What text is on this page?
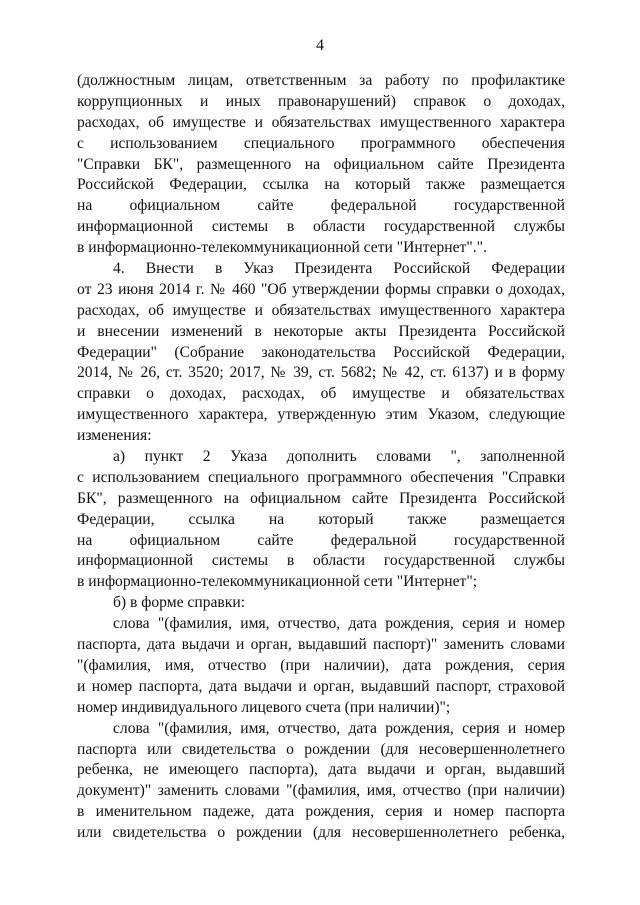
4
(должностным лицам, ответственным за работу по профилактике
коррупционных и иных правонарушений) справок о доходах,
расходах, об имуществе и обязательствах имущественного характера
с использованием специального программного обеспечения
"Справки БК", размещенного на официальном сайте Президента
Российской Федерации, ссылка на который также размещается
на официальном сайте федеральной государственной
информационной системы в области государственной службы
в информационно-телекоммуникационной сети "Интернет".".
4. Внести в Указ Президента Российской Федерации
от 23 июня 2014 г. № 460 "Об утверждении формы справки о доходах,
расходах, об имуществе и обязательствах имущественного характера
и внесении изменений в некоторые акты Президента Российской
Федерации" (Собрание законодательства Российской Федерации,
2014, № 26, ст. 3520; 2017, № 39, ст. 5682; № 42, ст. 6137) и в форму
справки о доходах, расходах, об имуществе и обязательствах
имущественного характера, утвержденную этим Указом, следующие
изменения:
а) пункт 2 Указа дополнить словами ", заполненной
с использованием специального программного обеспечения "Справки
БК", размещенного на официальном сайте Президента Российской
Федерации, ссылка на который также размещается
на официальном сайте федеральной государственной
информационной системы в области государственной службы
в информационно-телекоммуникационной сети "Интернет";
б) в форме справки:
слова "(фамилия, имя, отчество, дата рождения, серия и номер
паспорта, дата выдачи и орган, выдавший паспорт)" заменить словами
"(фамилия, имя, отчество (при наличии), дата рождения, серия
и номер паспорта, дата выдачи и орган, выдавший паспорт, страховой
номер индивидуального лицевого счета (при наличии)";
слова "(фамилия, имя, отчество, дата рождения, серия и номер
паспорта или свидетельства о рождении (для несовершеннолетнего
ребенка, не имеющего паспорта), дата выдачи и орган, выдавший
документ)" заменить словами "(фамилия, имя, отчество (при наличии)
в именительном падеже, дата рождения, серия и номер паспорта
или свидетельства о рождении (для несовершеннолетнего ребенка,
